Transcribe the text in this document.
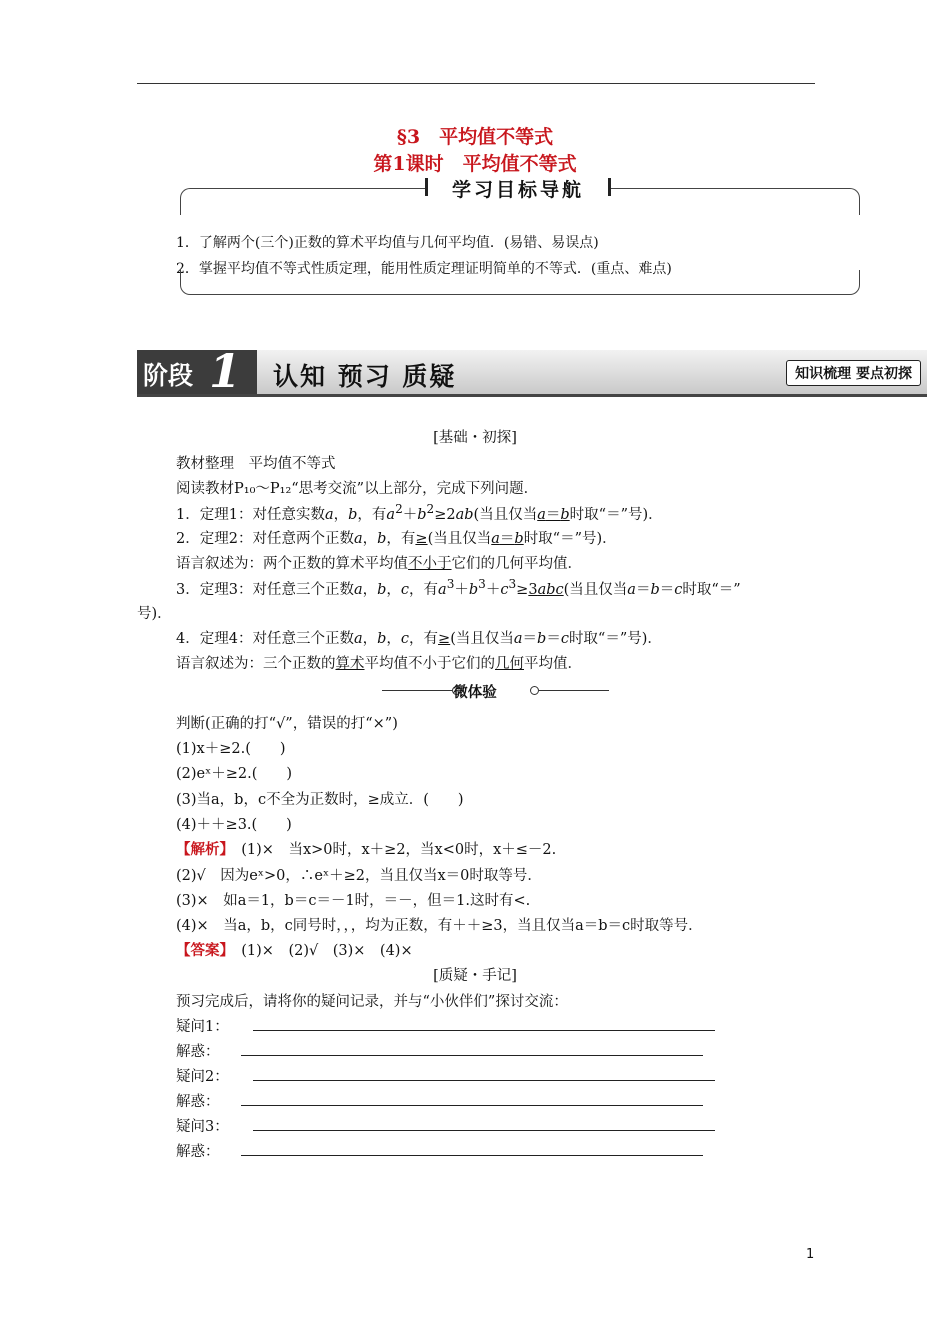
§3　平均值不等式
第1课时　平均值不等式
学习目标导航
1．了解两个(三个)正数的算术平均值与几何平均值．(易错、易误点)
2．掌握平均值不等式性质定理，能用性质定理证明简单的不等式．(重点、难点)
阶段 1 认知 预习 质疑	知识梳理 要点初探
[基础・初探]
教材整理　平均值不等式
阅读教材P₁₀～P₁₂“思考交流”以上部分，完成下列问题．
1．定理1：对任意实数a，b，有$a^2+b^2\ge 2ab$(当且仅当a＝b时取“＝”号)．
2．定理2：对任意两个正数a，b，有≥(当且仅当a＝b时取“＝”号)．
语言叙述为：两个正数的算术平均值不小于它们的几何平均值．
3．定理3：对任意三个正数a，b，c，有$a^3+b^3+c^3\ge 3abc$(当且仅当a＝b＝c时取“＝”
号)．
4．定理4：对任意三个正数a，b，c，有≥(当且仅当a＝b＝c时取“＝”号)．
语言叙述为：三个正数的算术平均值不小于它们的几何平均值．
微体验
判断(正确的打“√”，错误的打“×”)
(1)x＋≥2.(　　)
(2)eˣ＋≥2.(　　)
(3)当a，b，c不全为正数时，≥成立．(　　)
(4)＋＋≥3.(　　)
【解析】　 (1)×　当x>0时，x＋≥2，当x<0时，x＋≤－2.
(2)√　因为eˣ>0，∴eˣ＋≥2，当且仅当x＝0时取等号．
(3)×　如a＝1，b＝c＝－1时，＝－，但＝1.这时有<.
(4)×　当a，b，c同号时，，，均为正数，有＋＋≥3，当且仅当a＝b＝c时取等号．
【答案】　 (1)×　(2)√　(3)×　(4)×
[质疑・手记]
预习完成后，请将你的疑问记录，并与“小伙伴们”探讨交流：
疑问1：
解惑：
疑问2：
解惑：
疑问3：
解惑：
1
